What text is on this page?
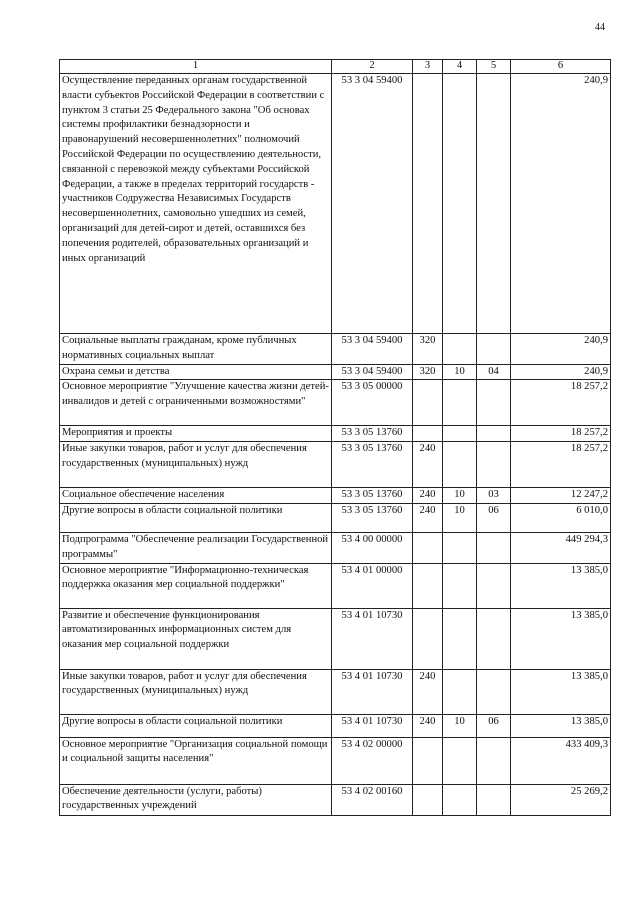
44
1	2	3	4	5	6
Осуществление переданных органам государственной власти субъектов Российской Федерации в соответствии с пунктом 3 статьи 25 Федерального закона "Об основах системы профилактики безнадзорности и правонарушений несовершеннолетних" полномочий Российской Федерации по осуществлению деятельности, связанной с перевозкой между субъектами Российской Федерации, а также в пределах территорий государств - участников Содружества Независимых Государств несовершеннолетних, самовольно ушедших из семей, организаций для детей-сирот и детей, оставшихся без попечения родителей, образовательных организаций и иных организаций	53 3 04 59400				240,9
Социальные выплаты гражданам, кроме публичных нормативных социальных выплат	53 3 04 59400	320			240,9
Охрана семьи и детства	53 3 04 59400	320	10	04	240,9
Основное мероприятие "Улучшение качества жизни детей-инвалидов и детей с ограниченными возможностями"	53 3 05 00000				18 257,2
Мероприятия и проекты	53 3 05 13760				18 257,2
Иные закупки товаров, работ и услуг для обеспечения государственных (муниципальных) нужд	53 3 05 13760	240			18 257,2
Социальное обеспечение населения	53 3 05 13760	240	10	03	12 247,2
Другие вопросы в области социальной политики	53 3 05 13760	240	10	06	6 010,0
Подпрограмма "Обеспечение реализации Государственной программы"	53 4 00 00000				449 294,3
Основное мероприятие "Информационно-техническая поддержка оказания мер социальной поддержки"	53 4 01 00000				13 385,0
Развитие и обеспечение функционирования автоматизированных информационных систем для оказания мер социальной поддержки	53 4 01 10730				13 385,0
Иные закупки товаров, работ и услуг для обеспечения государственных (муниципальных) нужд	53 4 01 10730	240			13 385,0
Другие вопросы в области социальной политики	53 4 01 10730	240	10	06	13 385,0
Основное мероприятие "Организация социальной помощи и социальной защиты населения"	53 4 02 00000				433 409,3
Обеспечение деятельности (услуги, работы) государственных учреждений	53 4 02 00160				25 269,2
